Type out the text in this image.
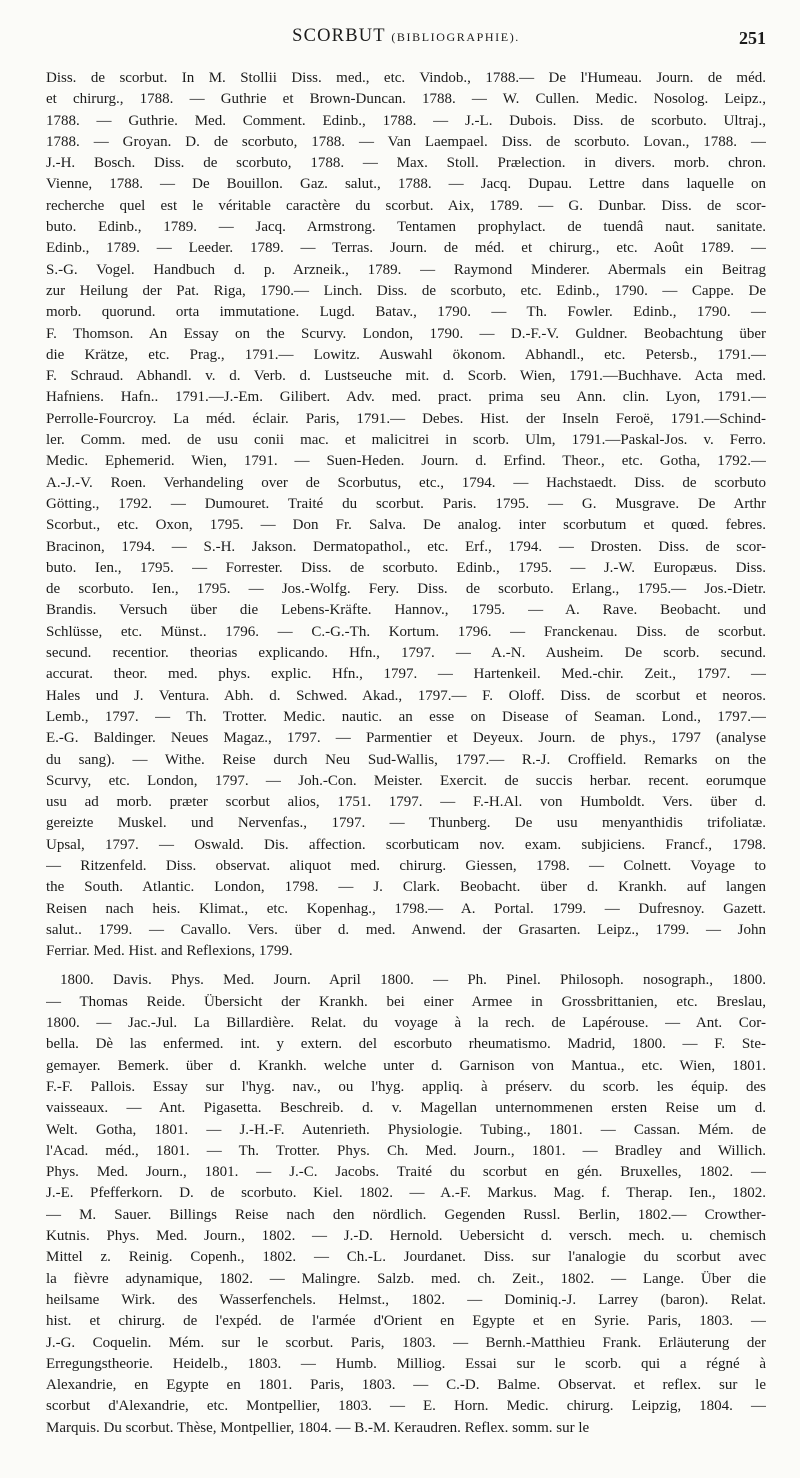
SCORBUT (BIBLIOGRAPHIE).	251
Diss. de scorbut. In M. Stollii Diss. med., etc. Vindob., 1788.— De l'Humeau. Journ. de méd.
et chirurg., 1788. — Guthrie et Brown-Duncan. 1788. — W. Cullen. Medic. Nosolog. Leipz.,
1788. — Guthrie. Med. Comment. Edinb., 1788. — J.-L. Dubois. Diss. de scorbuto. Ultraj.,
1788. — Groyan. D. de scorbuto, 1788. — Van Laempael. Diss. de scorbuto. Lovan., 1788. —
J.-H. Bosch. Diss. de scorbuto, 1788. — Max. Stoll. Prælection. in divers. morb. chron.
Vienne, 1788. — De Bouillon. Gaz. salut., 1788. — Jacq. Dupau. Lettre dans laquelle on
recherche quel est le véritable caractère du scorbut. Aix, 1789. — G. Dunbar. Diss. de scor-
buto. Edinb., 1789. — Jacq. Armstrong. Tentamen prophylact. de tuendâ naut. sanitate.
Edinb., 1789. — Leeder. 1789. — Terras. Journ. de méd. et chirurg., etc. Août 1789. —
S.-G. Vogel. Handbuch d. p. Arzneik., 1789. — Raymond Minderer. Abermals ein Beitrag
zur Heilung der Pat. Riga, 1790.— Linch. Diss. de scorbuto, etc. Edinb., 1790. — Cappe. De
morb. quorund. orta immutatione. Lugd. Batav., 1790. — Th. Fowler. Edinb., 1790. —
F. Thomson. An Essay on the Scurvy. London, 1790. — D.-F.-V. Guldner. Beobachtung über
die Krätze, etc. Prag., 1791.— Lowitz. Auswahl ökonom. Abhandl., etc. Petersb., 1791.—
F. Schraud. Abhandl. v. d. Verb. d. Lustseuche mit. d. Scorb. Wien, 1791.—Buchhave. Acta med.
Hafniens. Hafn.. 1791.—J.-Em. Gilibert. Adv. med. pract. prima seu Ann. clin. Lyon, 1791.—
Perrolle-Fourcroy. La méd. éclair. Paris, 1791.— Debes. Hist. der Inseln Feroë, 1791.—Schind-
ler. Comm. med. de usu conii mac. et malicitrei in scorb. Ulm, 1791.—Paskal-Jos. v. Ferro.
Medic. Ephemerid. Wien, 1791. — Suen-Heden. Journ. d. Erfind. Theor., etc. Gotha, 1792.—
A.-J.-V. Roen. Verhandeling over de Scorbutus, etc., 1794. — Hachstaedt. Diss. de scorbuto
Götting., 1792. — Dumouret. Traité du scorbut. Paris. 1795. — G. Musgrave. De Arthr
Scorbut., etc. Oxon, 1795. — Don Fr. Salva. De analog. inter scorbutum et quœd. febres.
Bracinon, 1794. — S.-H. Jakson. Dermatopathol., etc. Erf., 1794. — Drosten. Diss. de scor-
buto. Ien., 1795. — Forrester. Diss. de scorbuto. Edinb., 1795. — J.-W. Europæus. Diss.
de scorbuto. Ien., 1795. — Jos.-Wolfg. Fery. Diss. de scorbuto. Erlang., 1795.— Jos.-Dietr.
Brandis. Versuch über die Lebens-Kräfte. Hannov., 1795. — A. Rave. Beobacht. und
Schlüsse, etc. Münst.. 1796. — C.-G.-Th. Kortum. 1796. — Franckenau. Diss. de scorbut.
secund. recentior. theorias explicando. Hfn., 1797. — A.-N. Ausheim. De scorb. secund.
accurat. theor. med. phys. explic. Hfn., 1797. — Hartenkeil. Med.-chir. Zeit., 1797. —
Hales und J. Ventura. Abh. d. Schwed. Akad., 1797.— F. Oloff. Diss. de scorbut et neoros.
Lemb., 1797. — Th. Trotter. Medic. nautic. an esse on Disease of Seaman. Lond., 1797.—
E.-G. Baldinger. Neues Magaz., 1797. — Parmentier et Deyeux. Journ. de phys., 1797 (analyse
du sang). — Withe. Reise durch Neu Sud-Wallis, 1797.— R.-J. Croffield. Remarks on the
Scurvy, etc. London, 1797. — Joh.-Con. Meister. Exercit. de succis herbar. recent. eorumque
usu ad morb. præter scorbut alios, 1751. 1797. — F.-H.Al. von Humboldt. Vers. über d.
gereizte Muskel. und Nervenfas., 1797. — Thunberg. De usu menyanthidis trifoliatæ.
Upsal, 1797. — Oswald. Dis. affection. scorbuticam nov. exam. subjiciens. Francf., 1798.
— Ritzenfeld. Diss. observat. aliquot med. chirurg. Giessen, 1798. — Colnett. Voyage to
the South. Atlantic. London, 1798. — J. Clark. Beobacht. über d. Krankh. auf langen
Reisen nach heis. Klimat., etc. Kopenhag., 1798.— A. Portal. 1799. — Dufresnoy. Gazett.
salut.. 1799. — Cavallo. Vers. über d. med. Anwend. der Grasarten. Leipz., 1799. — John
Ferriar. Med. Hist. and Reflexions, 1799.
1800. Davis. Phys. Med. Journ. April 1800. — Ph. Pinel. Philosoph. nosograph., 1800.
— Thomas Reide. Übersicht der Krankh. bei einer Armee in Grossbrittanien, etc. Breslau,
1800. — Jac.-Jul. La Billardière. Relat. du voyage à la rech. de Lapérouse. — Ant. Cor-
bella. Dè las enfermed. int. y extern. del escorbuto rheumatismo. Madrid, 1800. — F. Ste-
gemayer. Bemerk. über d. Krankh. welche unter d. Garnison von Mantua., etc. Wien, 1801.
F.-F. Pallois. Essay sur l'hyg. nav., ou l'hyg. appliq. à préserv. du scorb. les équip. des
vaisseaux. — Ant. Pigasetta. Beschreib. d. v. Magellan unternommenen ersten Reise um d.
Welt. Gotha, 1801. — J.-H.-F. Autenrieth. Physiologie. Tubing., 1801. — Cassan. Mém. de
l'Acad. méd., 1801. — Th. Trotter. Phys. Ch. Med. Journ., 1801. — Bradley and Willich.
Phys. Med. Journ., 1801. — J.-C. Jacobs. Traité du scorbut en gén. Bruxelles, 1802. —
J.-E. Pfefferkorn. D. de scorbuto. Kiel. 1802. — A.-F. Markus. Mag. f. Therap. Ien., 1802.
— M. Sauer. Billings Reise nach den nördlich. Gegenden Russl. Berlin, 1802.— Crowther-
Kutnis. Phys. Med. Journ., 1802. — J.-D. Hernold. Uebersicht d. versch. mech. u. chemisch
Mittel z. Reinig. Copenh., 1802. — Ch.-L. Jourdanet. Diss. sur l'analogie du scorbut avec
la fièvre adynamique, 1802. — Malingre. Salzb. med. ch. Zeit., 1802. — Lange. Über die
heilsame Wirk. des Wasserfenchels. Helmst., 1802. — Dominiq.-J. Larrey (baron). Relat.
hist. et chirurg. de l'expéd. de l'armée d'Orient en Egypte et en Syrie. Paris, 1803. —
J.-G. Coquelin. Mém. sur le scorbut. Paris, 1803. — Bernh.-Matthieu Frank. Erläuterung der
Erregungstheorie. Heidelb., 1803. — Humb. Milliog. Essai sur le scorb. qui a régné à
Alexandrie, en Egypte en 1801. Paris, 1803. — C.-D. Balme. Observat. et reflex. sur le
scorbut d'Alexandrie, etc. Montpellier, 1803. — E. Horn. Medic. chirurg. Leipzig, 1804. —
Marquis. Du scorbut. Thèse, Montpellier, 1804. — B.-M. Keraudren. Reflex. somm. sur le
